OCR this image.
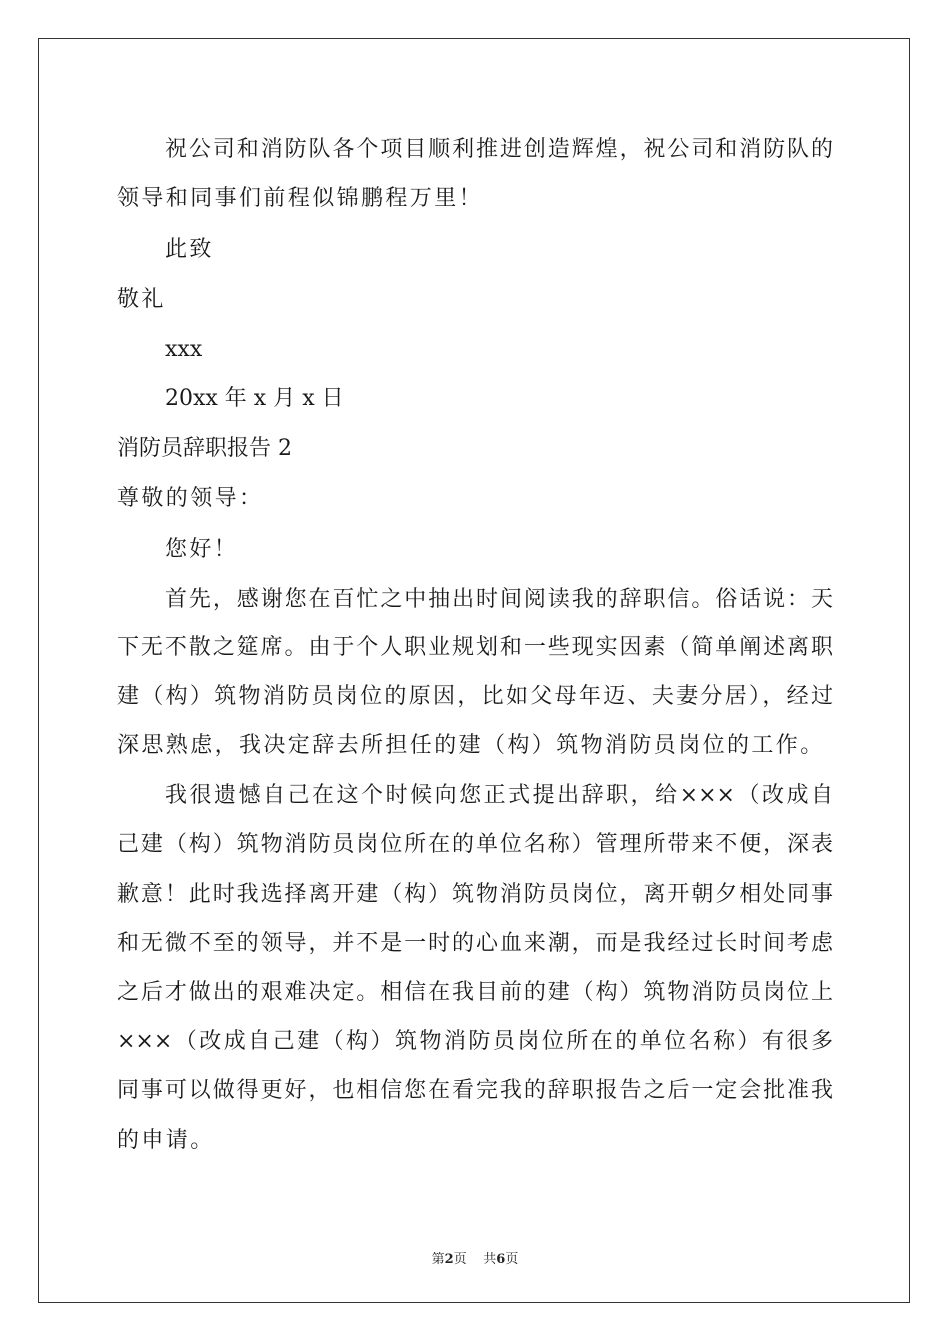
祝公司和消防队各个项目顺利推进创造辉煌，祝公司和消防队的
领导和同事们前程似锦鹏程万里！
此致
敬礼
xxx
20xx 年 x 月 x 日
消防员辞职报告 2
尊敬的领导：
您好！
首先，感谢您在百忙之中抽出时间阅读我的辞职信。俗话说：天
下无不散之筵席。由于个人职业规划和一些现实因素（简单阐述离职
建（构）筑物消防员岗位的原因，比如父母年迈、夫妻分居），经过
深思熟虑，我决定辞去所担任的建（构）筑物消防员岗位的工作。
我很遗憾自己在这个时候向您正式提出辞职，给×××（改成自
己建（构）筑物消防员岗位所在的单位名称）管理所带来不便，深表
歉意！此时我选择离开建（构）筑物消防员岗位，离开朝夕相处同事
和无微不至的领导，并不是一时的心血来潮，而是我经过长时间考虑
之后才做出的艰难决定。相信在我目前的建（构）筑物消防员岗位上
×××（改成自己建（构）筑物消防员岗位所在的单位名称）有很多
同事可以做得更好，也相信您在看完我的辞职报告之后一定会批准我
的申请。
第2页 共6页
